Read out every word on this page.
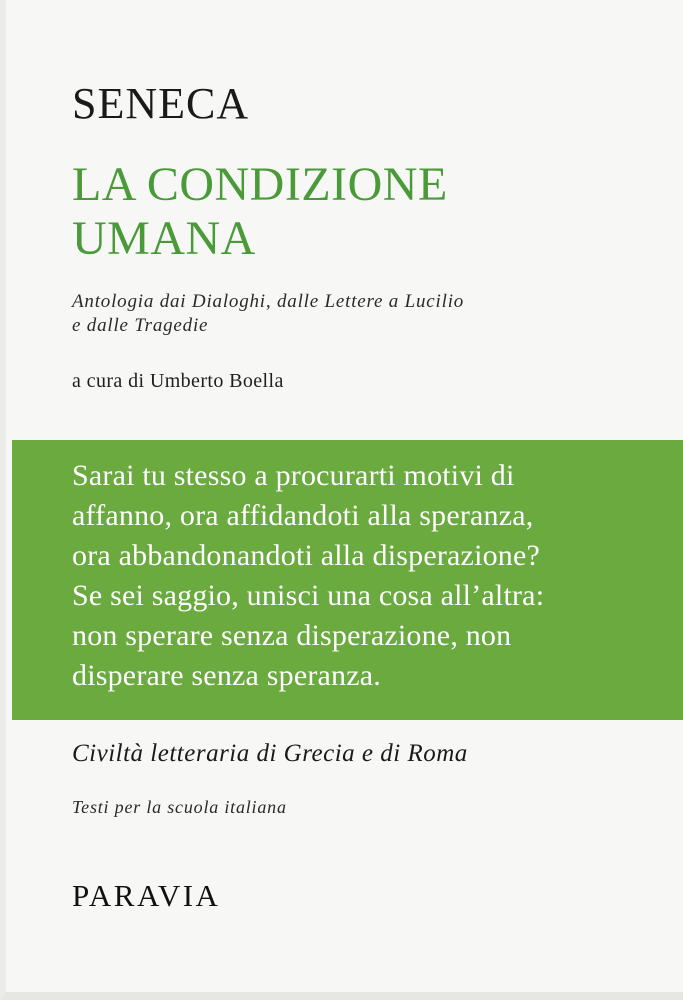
SENECA
LA CONDIZIONE
UMANA
Antologia dai Dialoghi, dalle Lettere a Lucilio
e dalle Tragedie
a cura di Umberto Boella
Sarai tu stesso a procurarti motivi di
affanno, ora affidandoti alla speranza,
ora abbandonandoti alla disperazione?
Se sei saggio, unisci una cosa all’altra:
non sperare senza disperazione, non
disperare senza speranza.
Civiltà letteraria di Grecia e di Roma
Testi per la scuola italiana
PARAVIA
